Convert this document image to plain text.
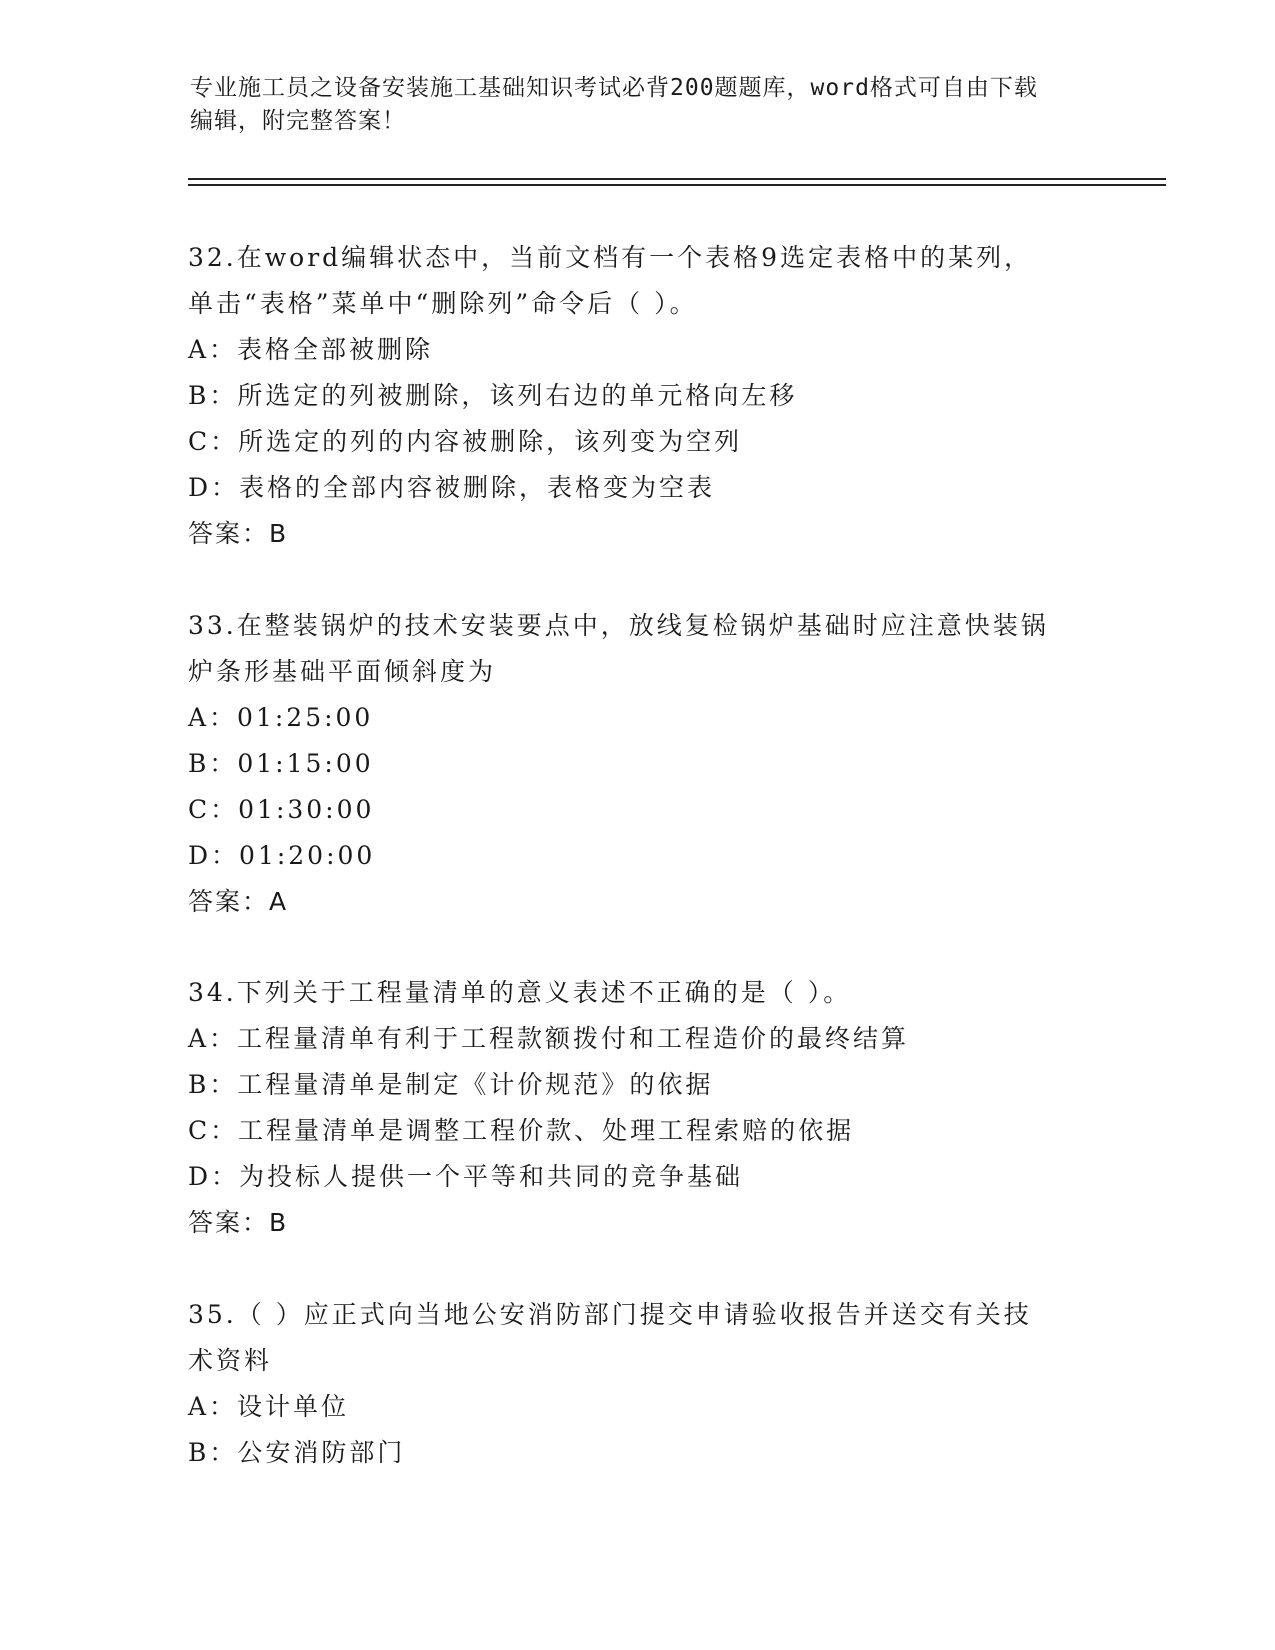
专业施工员之设备安装施工基础知识考试必背200题题库，word格式可自由下载
编辑，附完整答案！
32.在word编辑状态中，当前文档有一个表格9选定表格中的某列，
单击“表格”菜单中“删除列”命令后（ ）。
A：表格全部被删除
B：所选定的列被删除，该列右边的单元格向左移
C：所选定的列的内容被删除，该列变为空列
D：表格的全部内容被删除，表格变为空表
答案：B
33.在整装锅炉的技术安装要点中，放线复检锅炉基础时应注意快装锅
炉条形基础平面倾斜度为
A：01:25:00
B：01:15:00
C：01:30:00
D：01:20:00
答案：A
34.下列关于工程量清单的意义表述不正确的是（ ）。
A：工程量清单有利于工程款额拨付和工程造价的最终结算
B：工程量清单是制定《计价规范》的依据
C：工程量清单是调整工程价款、处理工程索赔的依据
D：为投标人提供一个平等和共同的竞争基础
答案：B
35.（ ）应正式向当地公安消防部门提交申请验收报告并送交有关技
术资料
A：设计单位
B：公安消防部门
